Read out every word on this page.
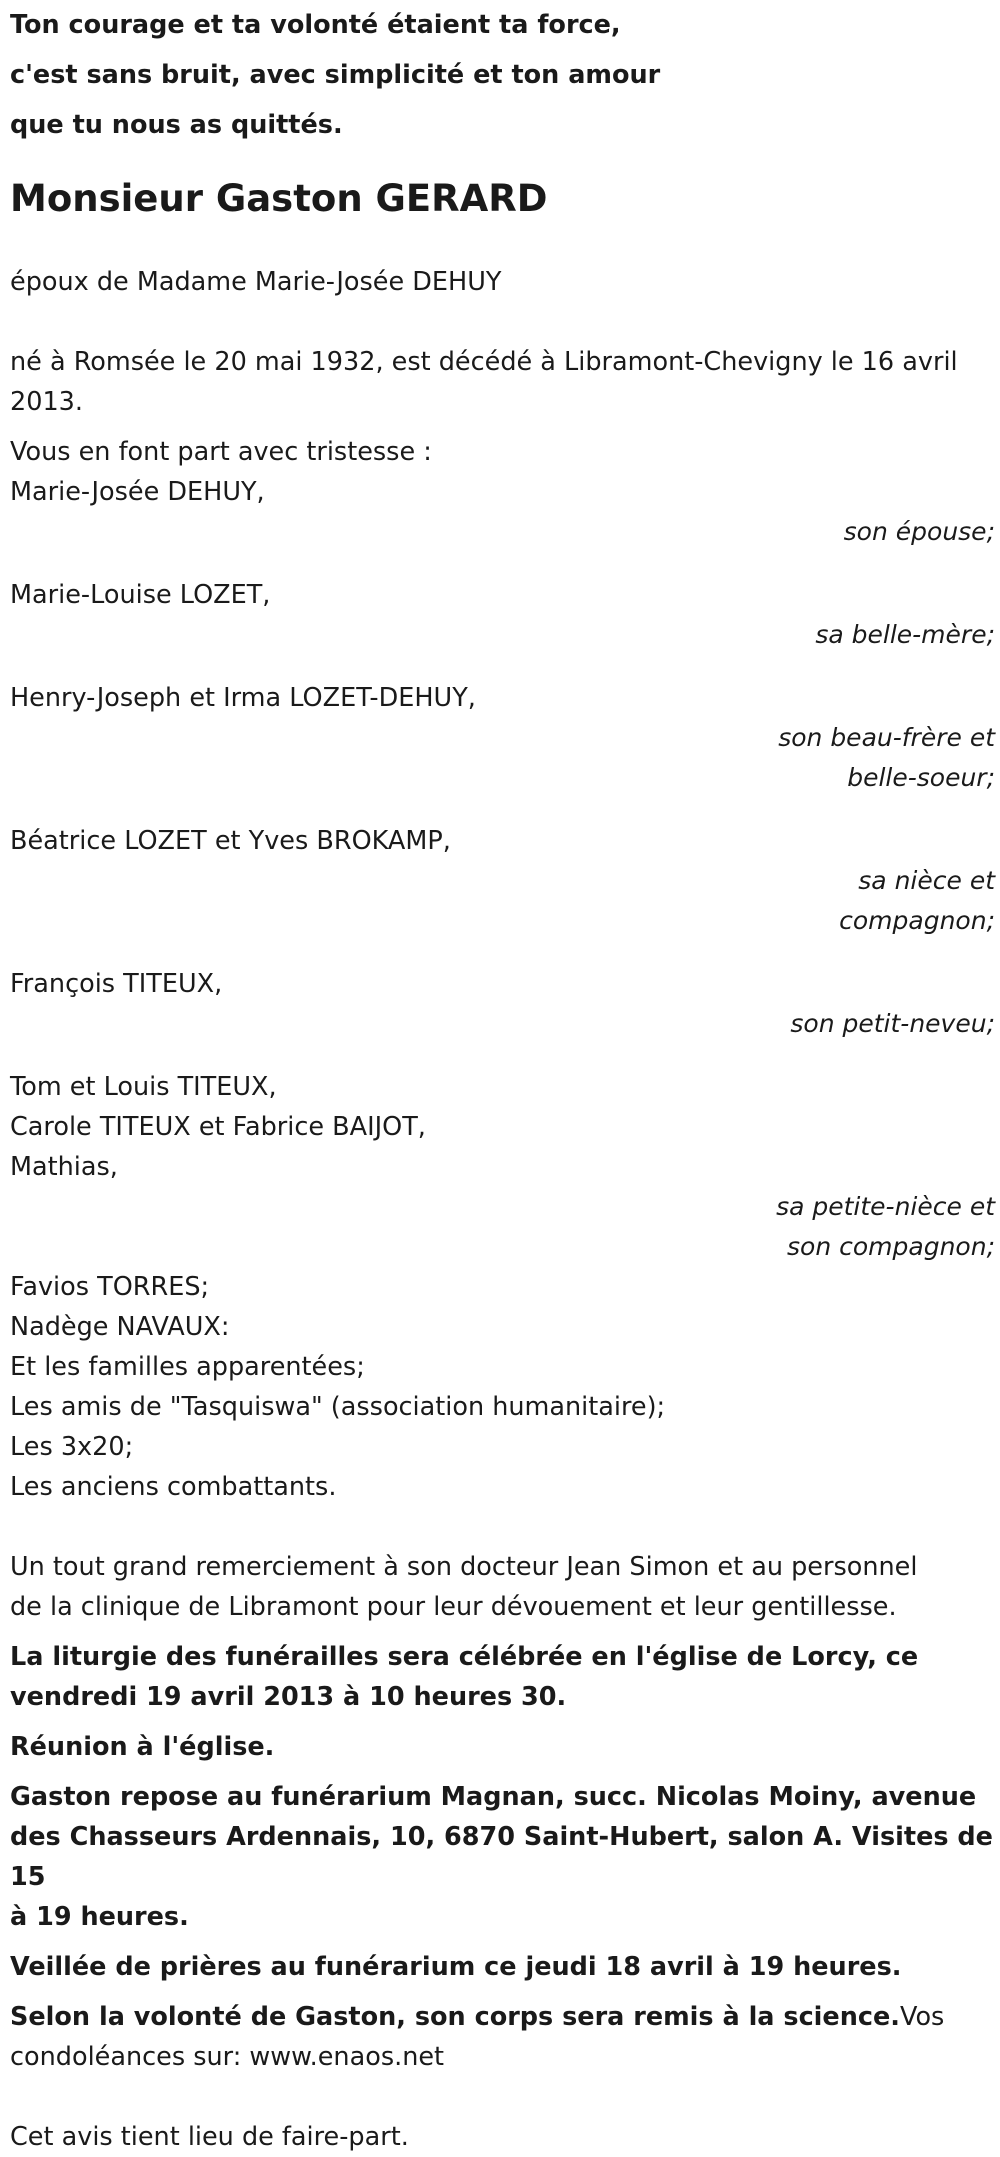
Ton courage et ta volonté étaient ta force,
c'est sans bruit, avec simplicité et ton amour
que tu nous as quittés.
Monsieur Gaston GERARD
époux de Madame Marie-Josée DEHUY
né à Romsée le 20 mai 1932, est décédé à Libramont-Chevigny le 16 avril
2013.
Vous en font part avec tristesse :
Marie-Josée DEHUY,
son épouse;
Marie-Louise LOZET,
sa belle-mère;
Henry-Joseph et Irma LOZET-DEHUY,
son beau-frère et
belle-soeur;
Béatrice LOZET et Yves BROKAMP,
sa nièce et
compagnon;
François TITEUX,
son petit-neveu;
Tom et Louis TITEUX,
Carole TITEUX et Fabrice BAIJOT,
Mathias,
sa petite-nièce et
son compagnon;
Favios TORRES;
Nadège NAVAUX:
Et les familles apparentées;
Les amis de "Tasquiswa" (association humanitaire);
Les 3x20;
Les anciens combattants.
Un tout grand remerciement à son docteur Jean Simon et au personnel
de la clinique de Libramont pour leur dévouement et leur gentillesse.
La liturgie des funérailles sera célébrée en l'église de Lorcy, ce
vendredi 19 avril 2013 à 10 heures 30.
Réunion à l'église.
Gaston repose au funérarium Magnan, succ. Nicolas Moiny, avenue
des Chasseurs Ardennais, 10, 6870 Saint-Hubert, salon A. Visites de 15
à 19 heures.
Veillée de prières au funérarium ce jeudi 18 avril à 19 heures.
Selon la volonté de Gaston, son corps sera remis à la science.Vos
condoléances sur: www.enaos.net
Cet avis tient lieu de faire-part.
